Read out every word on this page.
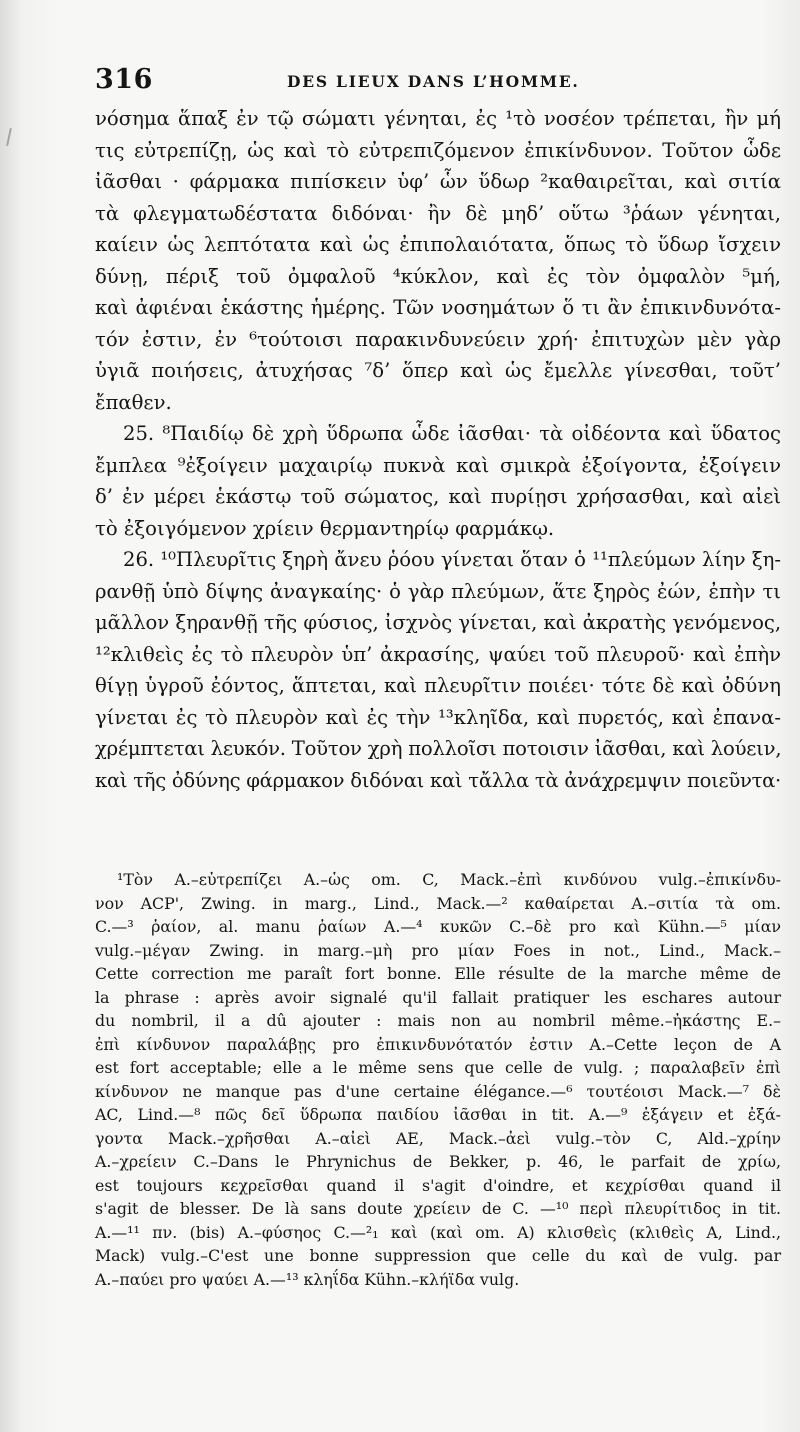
316	DES LIEUX DANS L’HOMME.
νόσημα ἅπαξ ἐν τῷ σώματι γένηται, ἐς ¹τὸ νοσέον τρέπεται, ἢν μή
τις εὐτρεπίζῃ, ὡς καὶ τὸ εὐτρεπιζόμενον ἐπικίνδυνον. Τοῦτον ὧδε
ἰᾶσθαι · φάρμακα πιπίσκειν ὑφ’ ὧν ὕδωρ ²καθαιρεῖται, καὶ σιτία
τὰ φλεγματωδέστατα διδόναι· ἢν δὲ μηδ’ οὕτω ³ῥάων γένηται,
καίειν ὡς λεπτότατα καὶ ὡς ἐπιπολαιότατα, ὅπως τὸ ὕδωρ ἴσχειν
δύνῃ, πέριξ τοῦ ὀμφαλοῦ ⁴κύκλον, καὶ ἐς τὸν ὀμφαλὸν ⁵μή,
καὶ ἀφιέναι ἑκάστης ἡμέρης. Τῶν νοσημάτων ὅ τι ἂν ἐπικινδυνότα-
τόν ἐστιν, ἐν ⁶τούτοισι παρακινδυνεύειν χρή· ἐπιτυχὼν μὲν γὰρ
ὑγιᾶ ποιήσεις, ἀτυχήσας ⁷δ’ ὅπερ καὶ ὡς ἔμελλε γίνεσθαι, τοῦτ’
ἔπαθεν.
25. ⁸Παιδίῳ δὲ χρὴ ὕδρωπα ὧδε ἰᾶσθαι· τὰ οἰδέοντα καὶ ὕδατος
ἔμπλεα ⁹ἐξοίγειν μαχαιρίῳ πυκνὰ καὶ σμικρὰ ἐξοίγοντα, ἐξοίγειν
δ’ ἐν μέρει ἑκάστῳ τοῦ σώματος, καὶ πυρίῃσι χρήσασθαι, καὶ αἰεὶ
τὸ ἐξοιγόμενον χρίειν θερμαντηρίῳ φαρμάκῳ.
26. ¹⁰Πλευρῖτις ξηρὴ ἄνευ ῥόου γίνεται ὅταν ὁ ¹¹πλεύμων λίην ξη-
ρανθῇ ὑπὸ δίψης ἀναγκαίης· ὁ γὰρ πλεύμων, ἅτε ξηρὸς ἐών, ἐπὴν τι
μᾶλλον ξηρανθῇ τῆς φύσιος, ἰσχνὸς γίνεται, καὶ ἀκρατὴς γενόμενος,
¹²κλιθεὶς ἐς τὸ πλευρὸν ὑπ’ ἀκρασίης, ψαύει τοῦ πλευροῦ· καὶ ἐπὴν
θίγῃ ὑγροῦ ἐόντος, ἅπτεται, καὶ πλευρῖτιν ποιέει· τότε δὲ καὶ ὀδύνη
γίνεται ἐς τὸ πλευρὸν καὶ ἐς τὴν ¹³κληῖδα, καὶ πυρετός, καὶ ἐπανα-
χρέμπτεται λευκόν. Τοῦτον χρὴ πολλοῖσι ποτοισιν ἰᾶσθαι, καὶ λούειν,
καὶ τῆς ὀδύνης φάρμακον διδόναι καὶ τἄλλα τὰ ἀνάχρεμψιν ποιεῦντα·
¹Τὸν A.–εὐτρεπίζει A.–ὡς om. C, Mack.–ἐπὶ κινδύνου vulg.–ἐπικίνδυ-
νον ACP', Zwing. in marg., Lind., Mack.—² καθαίρεται A.–σιτία τὰ om.
C.—³ ῥαίον, al. manu ῥαίων A.—⁴ κυκῶν C.–δὲ pro καὶ Kühn.—⁵ μίαν
vulg.–μέγαν Zwing. in marg.–μὴ pro μίαν Foes in not., Lind., Mack.–
Cette correction me paraît fort bonne. Elle résulte de la marche même de
la phrase : après avoir signalé qu'il fallait pratiquer les eschares autour
du nombril, il a dû ajouter : mais non au nombril même.–ἠκάστης E.–
ἐπὶ κίνδυνον παραλάβῃς pro ἐπικινδυνότατόν ἐστιν A.–Cette leçon de A
est fort acceptable; elle a le même sens que celle de vulg. ; παραλαβεῖν ἐπὶ
κίνδυνον ne manque pas d'une certaine élégance.—⁶ τουτέοισι Mack.—⁷ δὲ
AC, Lind.—⁸ πῶς δεῖ ὕδρωπα παιδίου ἰᾶσθαι in tit. A.—⁹ ἐξάγειν et ἐξά-
γοντα Mack.–χρῆσθαι A.–αἰεὶ AE, Mack.–ἀεὶ vulg.–τὸν C, Ald.–χρίην
A.–χρείειν C.–Dans le Phrynichus de Bekker, p. 46, le parfait de χρίω,
est toujours κεχρεῖσθαι quand il s'agit d'oindre, et κεχρίσθαι quand il
s'agit de blesser. De là sans doute χρείειν de C. —¹⁰ περὶ πλευρίτιδος in tit.
A.—¹¹ πν. (bis) A.–φύσηος C.—²₁ καὶ (καὶ om. A) κλισθεὶς (κλιθεὶς A, Lind.,
Mack) vulg.–C'est une bonne suppression que celle du καὶ de vulg. par
A.–παύει pro ψαύει A.—¹³ κληΐδα Kühn.–κλήϊδα vulg.
